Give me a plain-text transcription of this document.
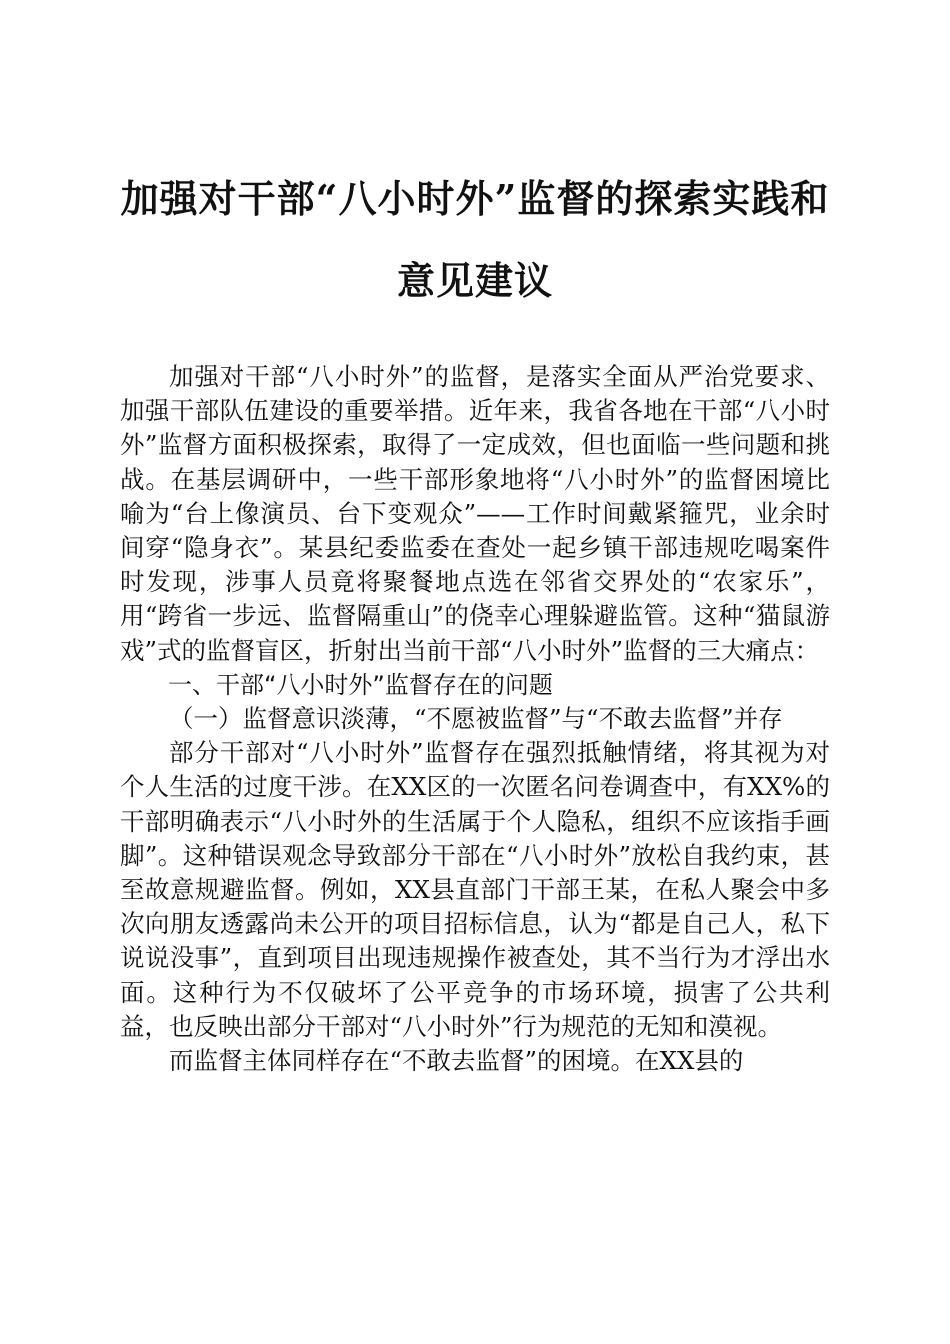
加强对干部“八小时外”监督的探索实践和意见建议

加强对干部“八小时外”的监督，是落实全面从严治党要求、加强干部队伍建设的重要举措。近年来，我省各地在干部“八小时外”监督方面积极探索，取得了一定成效，但也面临一些问题和挑战。在基层调研中，一些干部形象地将“八小时外”的监督困境比喻为“台上像演员、台下变观众”——工作时间戴紧箍咒，业余时间穿“隐身衣”。某县纪委监委在查处一起乡镇干部违规吃喝案件时发现，涉事人员竟将聚餐地点选在邻省交界处的“农家乐”，用“跨省一步远、监督隔重山”的侥幸心理躲避监管。这种“猫鼠游戏”式的监督盲区，折射出当前干部“八小时外”监督的三大痛点：

一、干部“八小时外”监督存在的问题

（一）监督意识淡薄，“不愿被监督”与“不敢去监督”并存

部分干部对“八小时外”监督存在强烈抵触情绪，将其视为对个人生活的过度干涉。在XX区的一次匿名问卷调查中，有XX%的干部明确表示“八小时外的生活属于个人隐私，组织不应该指手画脚”。这种错误观念导致部分干部在“八小时外”放松自我约束，甚至故意规避监督。例如，XX县直部门干部王某，在私人聚会中多次向朋友透露尚未公开的项目招标信息，认为“都是自己人，私下说说没事”，直到项目出现违规操作被查处，其不当行为才浮出水面。这种行为不仅破坏了公平竞争的市场环境，损害了公共利益，也反映出部分干部对“八小时外”行为规范的无知和漠视。

而监督主体同样存在“不敢去监督”的困境。在XX县的
